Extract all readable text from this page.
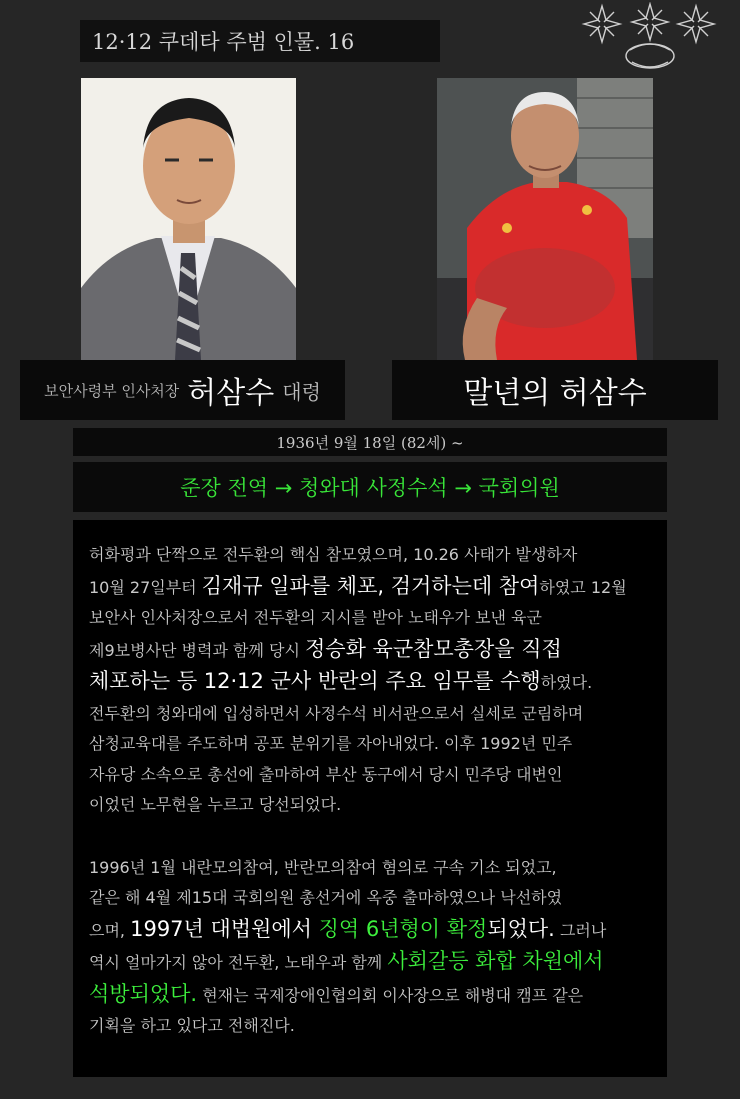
12·12 쿠데타 주범 인물. 16
보안사령부 인사처장 허삼수 대령	말년의 허삼수
1936년 9월 18일 (82세) ~
준장 전역 → 청와대 사정수석 → 국회의원

허화평과 단짝으로 전두환의 핵심 참모였으며, 10.26 사태가 발생하자
10월 27일부터 김재규 일파를 체포, 검거하는데 참여하였고 12월
보안사 인사처장으로서 전두환의 지시를 받아 노태우가 보낸 육군
제9보병사단 병력과 함께 당시 정승화 육군참모총장을 직접
체포하는 등 12·12 군사 반란의 주요 임무를 수행하였다.
전두환의 청와대에 입성하면서 사정수석 비서관으로서 실세로 군림하며
삼청교육대를 주도하며 공포 분위기를 자아내었다. 이후 1992년 민주
자유당 소속으로 총선에 출마하여 부산 동구에서 당시 민주당 대변인
이었던 노무현을 누르고 당선되었다.

1996년 1월 내란모의참여, 반란모의참여 혐의로 구속 기소 되었고,
같은 해 4월 제15대 국회의원 총선거에 옥중 출마하였으나 낙선하였
으며, 1997년 대법원에서 징역 6년형이 확정되었다. 그러나
역시 얼마가지 않아 전두환, 노태우과 함께 사회갈등 화합 차원에서
석방되었다. 현재는 국제장애인협의회 이사장으로 해병대 캠프 같은
기획을 하고 있다고 전해진다.
